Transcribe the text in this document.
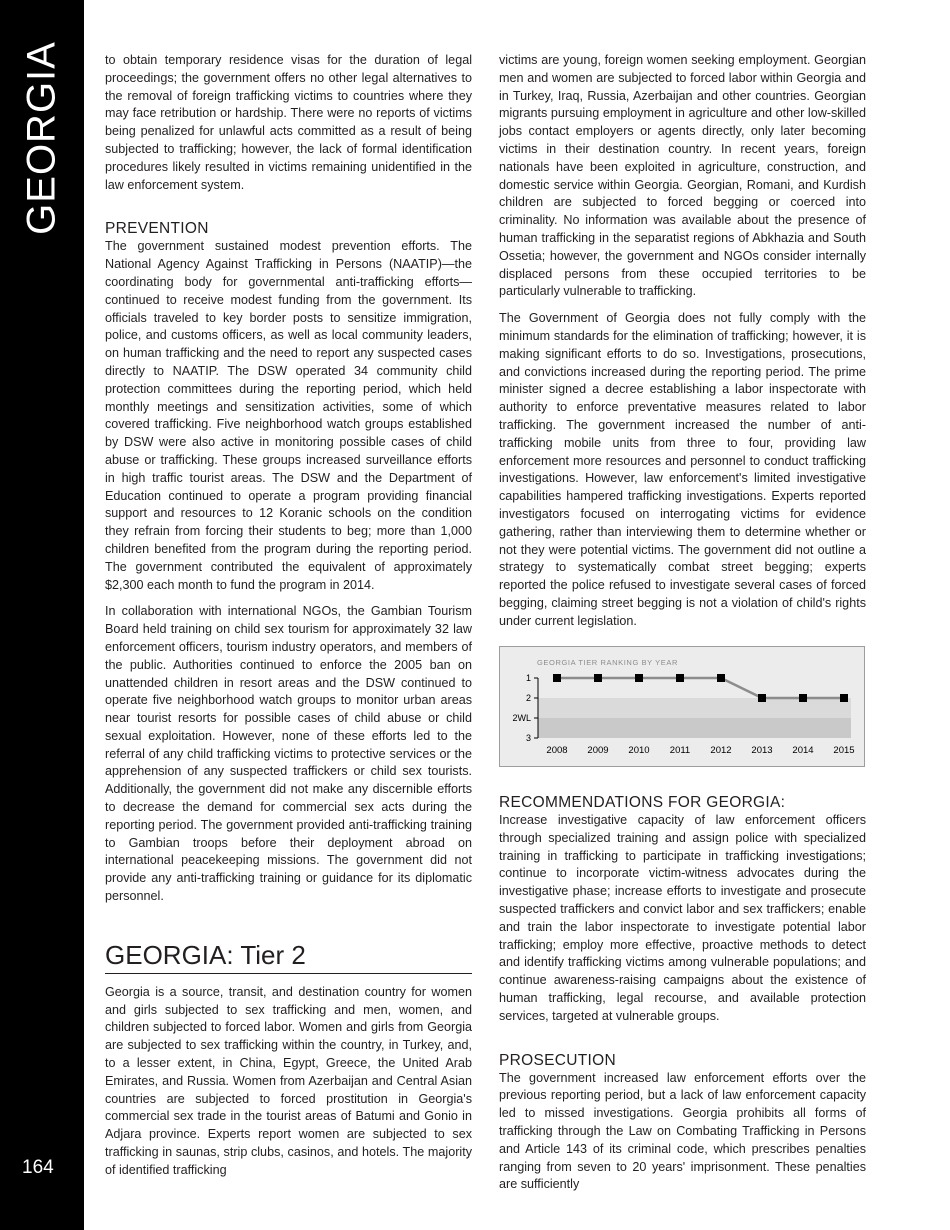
GEORGIA
164

to obtain temporary residence visas for the duration of legal proceedings; the government offers no other legal alternatives to the removal of foreign trafficking victims to countries where they may face retribution or hardship. There were no reports of victims being penalized for unlawful acts committed as a result of being subjected to trafficking; however, the lack of formal identification procedures likely resulted in victims remaining unidentified in the law enforcement system.

PREVENTION

The government sustained modest prevention efforts. The National Agency Against Trafficking in Persons (NAATIP)—the coordinating body for governmental anti-trafficking efforts—continued to receive modest funding from the government. Its officials traveled to key border posts to sensitize immigration, police, and customs officers, as well as local community leaders, on human trafficking and the need to report any suspected cases directly to NAATIP. The DSW operated 34 community child protection committees during the reporting period, which held monthly meetings and sensitization activities, some of which covered trafficking. Five neighborhood watch groups established by DSW were also active in monitoring possible cases of child abuse or trafficking. These groups increased surveillance efforts in high traffic tourist areas. The DSW and the Department of Education continued to operate a program providing financial support and resources to 12 Koranic schools on the condition they refrain from forcing their students to beg; more than 1,000 children benefited from the program during the reporting period. The government contributed the equivalent of approximately $2,300 each month to fund the program in 2014.

In collaboration with international NGOs, the Gambian Tourism Board held training on child sex tourism for approximately 32 law enforcement officers, tourism industry operators, and members of the public. Authorities continued to enforce the 2005 ban on unattended children in resort areas and the DSW continued to operate five neighborhood watch groups to monitor urban areas near tourist resorts for possible cases of child abuse or child sexual exploitation. However, none of these efforts led to the referral of any child trafficking victims to protective services or the apprehension of any suspected traffickers or child sex tourists. Additionally, the government did not make any discernible efforts to decrease the demand for commercial sex acts during the reporting period. The government provided anti-trafficking training to Gambian troops before their deployment abroad on international peacekeeping missions. The government did not provide any anti-trafficking training or guidance for its diplomatic personnel.

GEORGIA: Tier 2

Georgia is a source, transit, and destination country for women and girls subjected to sex trafficking and men, women, and children subjected to forced labor. Women and girls from Georgia are subjected to sex trafficking within the country, in Turkey, and, to a lesser extent, in China, Egypt, Greece, the United Arab Emirates, and Russia. Women from Azerbaijan and Central Asian countries are subjected to forced prostitution in Georgia's commercial sex trade in the tourist areas of Batumi and Gonio in Adjara province. Experts report women are subjected to sex trafficking in saunas, strip clubs, casinos, and hotels. The majority of identified trafficking

victims are young, foreign women seeking employment. Georgian men and women are subjected to forced labor within Georgia and in Turkey, Iraq, Russia, Azerbaijan and other countries. Georgian migrants pursuing employment in agriculture and other low-skilled jobs contact employers or agents directly, only later becoming victims in their destination country. In recent years, foreign nationals have been exploited in agriculture, construction, and domestic service within Georgia. Georgian, Romani, and Kurdish children are subjected to forced begging or coerced into criminality. No information was available about the presence of human trafficking in the separatist regions of Abkhazia and South Ossetia; however, the government and NGOs consider internally displaced persons from these occupied territories to be particularly vulnerable to trafficking.

The Government of Georgia does not fully comply with the minimum standards for the elimination of trafficking; however, it is making significant efforts to do so. Investigations, prosecutions, and convictions increased during the reporting period. The prime minister signed a decree establishing a labor inspectorate with authority to enforce preventative measures related to labor trafficking. The government increased the number of anti-trafficking mobile units from three to four, providing law enforcement more resources and personnel to conduct trafficking investigations. However, law enforcement's limited investigative capabilities hampered trafficking investigations. Experts reported investigators focused on interrogating victims for evidence gathering, rather than interviewing them to determine whether or not they were potential victims. The government did not outline a strategy to systematically combat street begging; experts reported the police refused to investigate several cases of forced begging, claiming street begging is not a violation of child's rights under current legislation.

GEORGIA TIER RANKING BY YEAR
1
2
2WL
3
2008 2009 2010 2011 2012 2013 2014 2015
RECOMMENDATIONS FOR GEORGIA:

Increase investigative capacity of law enforcement officers through specialized training and assign police with specialized training in trafficking to participate in trafficking investigations; continue to incorporate victim-witness advocates during the investigative phase; increase efforts to investigate and prosecute suspected traffickers and convict labor and sex traffickers; enable and train the labor inspectorate to investigate potential labor trafficking; employ more effective, proactive methods to detect and identify trafficking victims among vulnerable populations; and continue awareness-raising campaigns about the existence of human trafficking, legal recourse, and available protection services, targeted at vulnerable groups.

PROSECUTION

The government increased law enforcement efforts over the previous reporting period, but a lack of law enforcement capacity led to missed investigations. Georgia prohibits all forms of trafficking through the Law on Combating Trafficking in Persons and Article 143 of its criminal code, which prescribes penalties ranging from seven to 20 years' imprisonment. These penalties are sufficiently
